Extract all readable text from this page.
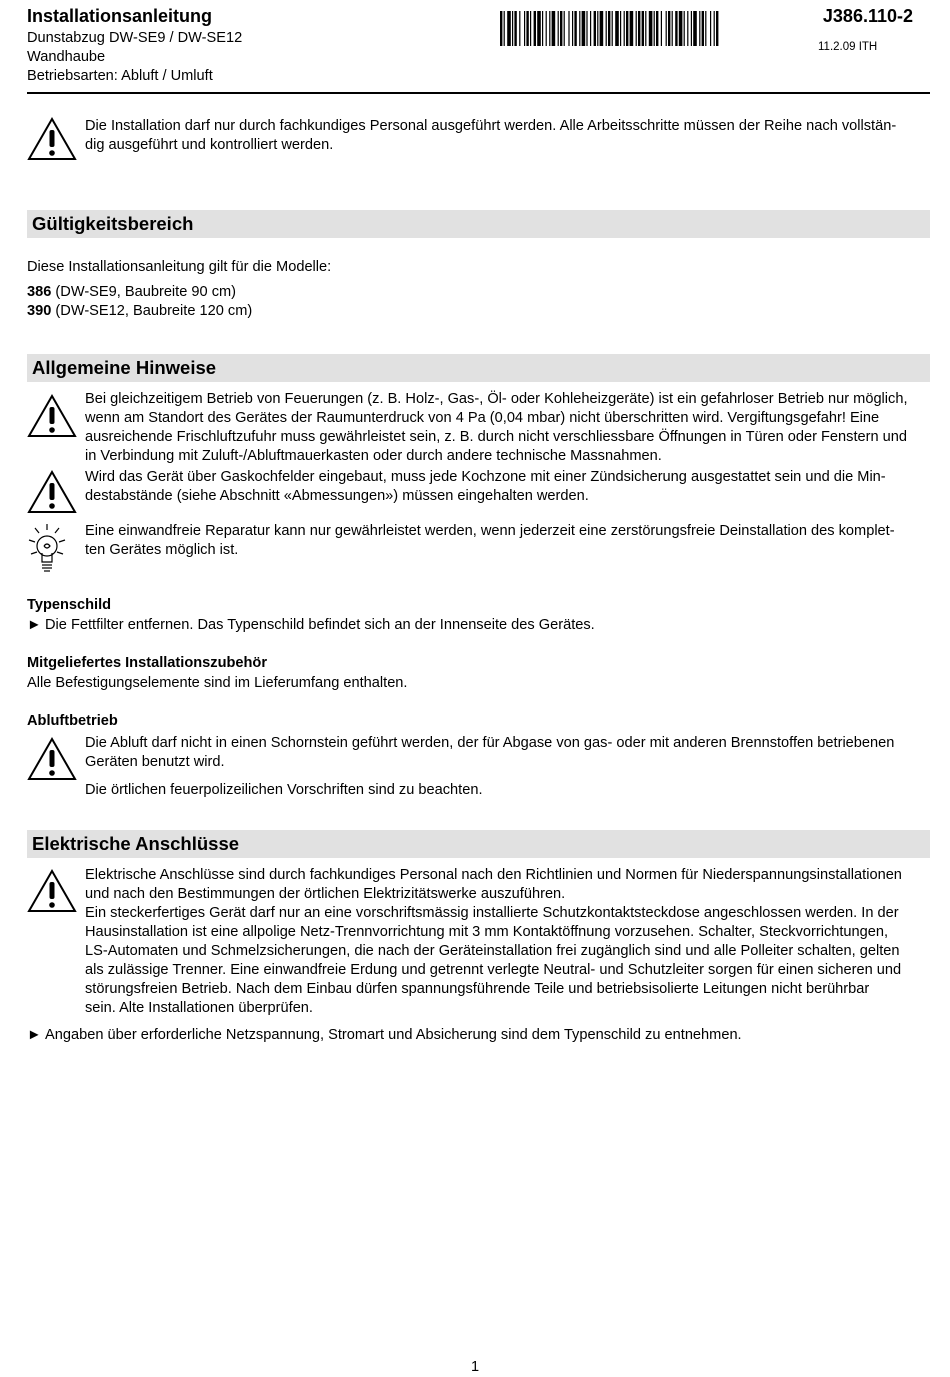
Installationsanleitung
Dunstabzug DW-SE9 / DW-SE12
Wandhaube
Betriebsarten: Abluft / Umluft
J386.110-2
11.2.09 ITH
Die Installation darf nur durch fachkundiges Personal ausgeführt werden. Alle Arbeitsschritte müssen der Reihe nach vollstän-
dig ausgeführt und kontrolliert werden.
Gültigkeitsbereich
Diese Installationsanleitung gilt für die Modelle:
386 (DW-SE9, Baubreite 90 cm)
390 (DW-SE12, Baubreite 120 cm)
Allgemeine Hinweise
Bei gleichzeitigem Betrieb von Feuerungen (z. B. Holz-, Gas-, Öl- oder Kohleheizgeräte) ist ein gefahrloser Betrieb nur möglich,
wenn am Standort des Gerätes der Raumunterdruck von 4 Pa (0,04 mbar) nicht überschritten wird. Vergiftungsgefahr! Eine
ausreichende Frischluftzufuhr muss gewährleistet sein, z. B. durch nicht verschliessbare Öffnungen in Türen oder Fenstern und
in Verbindung mit Zuluft-/Abluftmauerkasten oder durch andere technische Massnahmen.
Wird das Gerät über Gaskochfelder eingebaut, muss jede Kochzone mit einer Zündsicherung ausgestattet sein und die Min-
destabstände (siehe Abschnitt «Abmessungen») müssen eingehalten werden.
Eine einwandfreie Reparatur kann nur gewährleistet werden, wenn jederzeit eine zerstörungsfreie Deinstallation des komplet-
ten Gerätes möglich ist.
Typenschild
► Die Fettfilter entfernen. Das Typenschild befindet sich an der Innenseite des Gerätes.
Mitgeliefertes Installationszubehör
Alle Befestigungselemente sind im Lieferumfang enthalten.
Abluftbetrieb
Die Abluft darf nicht in einen Schornstein geführt werden, der für Abgase von gas- oder mit anderen Brennstoffen betriebenen
Geräten benutzt wird.
Die örtlichen feuerpolizeilichen Vorschriften sind zu beachten.
Elektrische Anschlüsse
Elektrische Anschlüsse sind durch fachkundiges Personal nach den Richtlinien und Normen für Niederspannungsinstallationen
und nach den Bestimmungen der örtlichen Elektrizitätswerke auszuführen.
Ein steckerfertiges Gerät darf nur an eine vorschriftsmässig installierte Schutzkontaktsteckdose angeschlossen werden. In der
Hausinstallation ist eine allpolige Netz-Trennvorrichtung mit 3 mm Kontaktöffnung vorzusehen. Schalter, Steckvorrichtungen,
LS-Automaten und Schmelzsicherungen, die nach der Geräteinstallation frei zugänglich sind und alle Polleiter schalten, gelten
als zulässige Trenner. Eine einwandfreie Erdung und getrennt verlegte Neutral- und Schutzleiter sorgen für einen sicheren und
störungsfreien Betrieb. Nach dem Einbau dürfen spannungsführende Teile und betriebsisolierte Leitungen nicht berührbar
sein. Alte Installationen überprüfen.
► Angaben über erforderliche Netzspannung, Stromart und Absicherung sind dem Typenschild zu entnehmen.
1
